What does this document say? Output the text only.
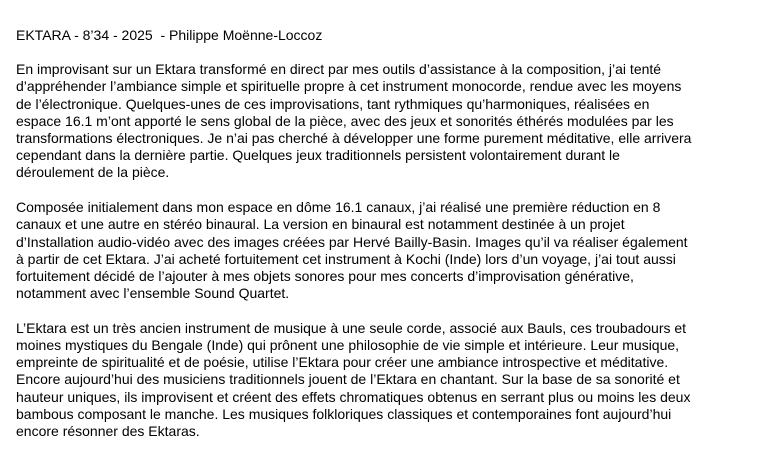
EKTARA - 8’34 - 2025  - Philippe Moënne-Loccoz
En improvisant sur un Ektara transformé en direct par mes outils d’assistance à la composition, j’ai tenté
d’appréhender l’ambiance simple et spirituelle propre à cet instrument monocorde, rendue avec les moyens
de l’électronique. Quelques-unes de ces improvisations, tant rythmiques qu’harmoniques, réalisées en
espace 16.1 m’ont apporté le sens global de la pièce, avec des jeux et sonorités éthérés modulées par les
transformations électroniques. Je n’ai pas cherché à développer une forme purement méditative, elle arrivera
cependant dans la dernière partie. Quelques jeux traditionnels persistent volontairement durant le
déroulement de la pièce.
Composée initialement dans mon espace en dôme 16.1 canaux, j’ai réalisé une première réduction en 8
canaux et une autre en stéréo binaural. La version en binaural est notamment destinée à un projet
d’Installation audio-vidéo avec des images créées par Hervé Bailly-Basin. Images qu’il va réaliser également
à partir de cet Ektara. J’ai acheté fortuitement cet instrument à Kochi (Inde) lors d’un voyage, j’ai tout aussi
fortuitement décidé de l’ajouter à mes objets sonores pour mes concerts d’improvisation générative,
notamment avec l’ensemble Sound Quartet.
L’Ektara est un très ancien instrument de musique à une seule corde, associé aux Bauls, ces troubadours et
moines mystiques du Bengale (Inde) qui prônent une philosophie de vie simple et intérieure. Leur musique,
empreinte de spiritualité et de poésie, utilise l’Ektara pour créer une ambiance introspective et méditative.
Encore aujourd’hui des musiciens traditionnels jouent de l’Ektara en chantant. Sur la base de sa sonorité et
hauteur uniques, ils improvisent et créent des effets chromatiques obtenus en serrant plus ou moins les deux
bambous composant le manche. Les musiques folkloriques classiques et contemporaines font aujourd’hui
encore résonner des Ektaras.
